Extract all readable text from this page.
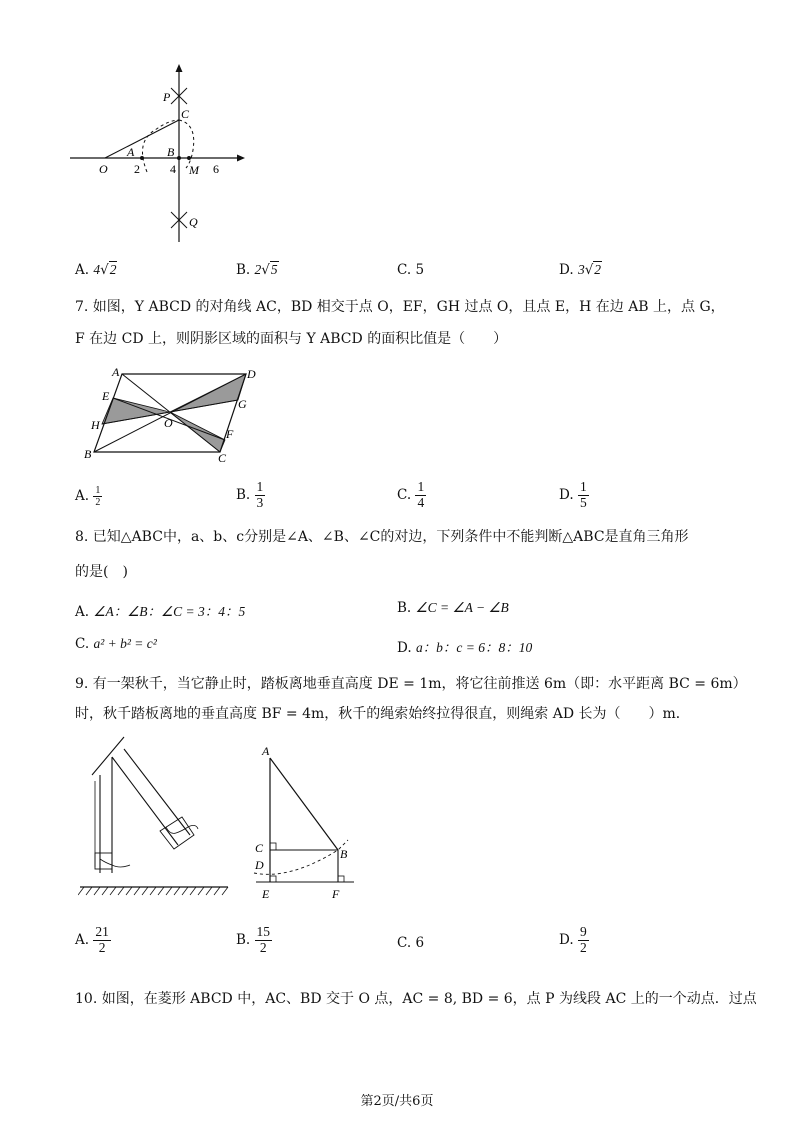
P
C
A	B
O 2	4 M 6
Q
A. 4√2	B. 2√5	C. 5	D. 3√2
7. 如图，Y ABCD 的对角线 AC，BD 相交于点 O，EF，GH 过点 O，且点 E，H 在边 AB 上，点 G，
F 在边 CD 上，则阴影区域的面积与 Y ABCD 的面积比值是（　　）
A	D
E
G
H	O
F
B	C
A. $\frac{1}{2}$	B. $\frac{1}{3}$	C. $\frac{1}{4}$	D. $\frac{1}{5}$
8. 已知△ABC中，a、b、c分别是∠A、∠B、∠C的对边，下列条件中不能判断△ABC是直角三角形
的是(　)
A. ∠A：∠B：∠C = 3：4：5	B. ∠C = ∠A − ∠B
C. a² + b² = c²	D. a：b：c = 6：8：10
9. 有一架秋千，当它静止时，踏板离地垂直高度 DE = 1m，将它往前推送 6m（即：水平距离 BC = 6m）
时，秋千踏板离地的垂直高度 BF = 4m，秋千的绳索始终拉得很直，则绳索 AD 长为（　　）m．
A
C
D
B
E	F
A. $\frac{21}{2}$	B. $\frac{15}{2}$	C. 6	D. $\frac{9}{2}$
10. 如图，在菱形 ABCD 中，AC、BD 交于 O 点，AC = 8, BD = 6，点 P 为线段 AC 上的一个动点．过点
第2页/共6页
